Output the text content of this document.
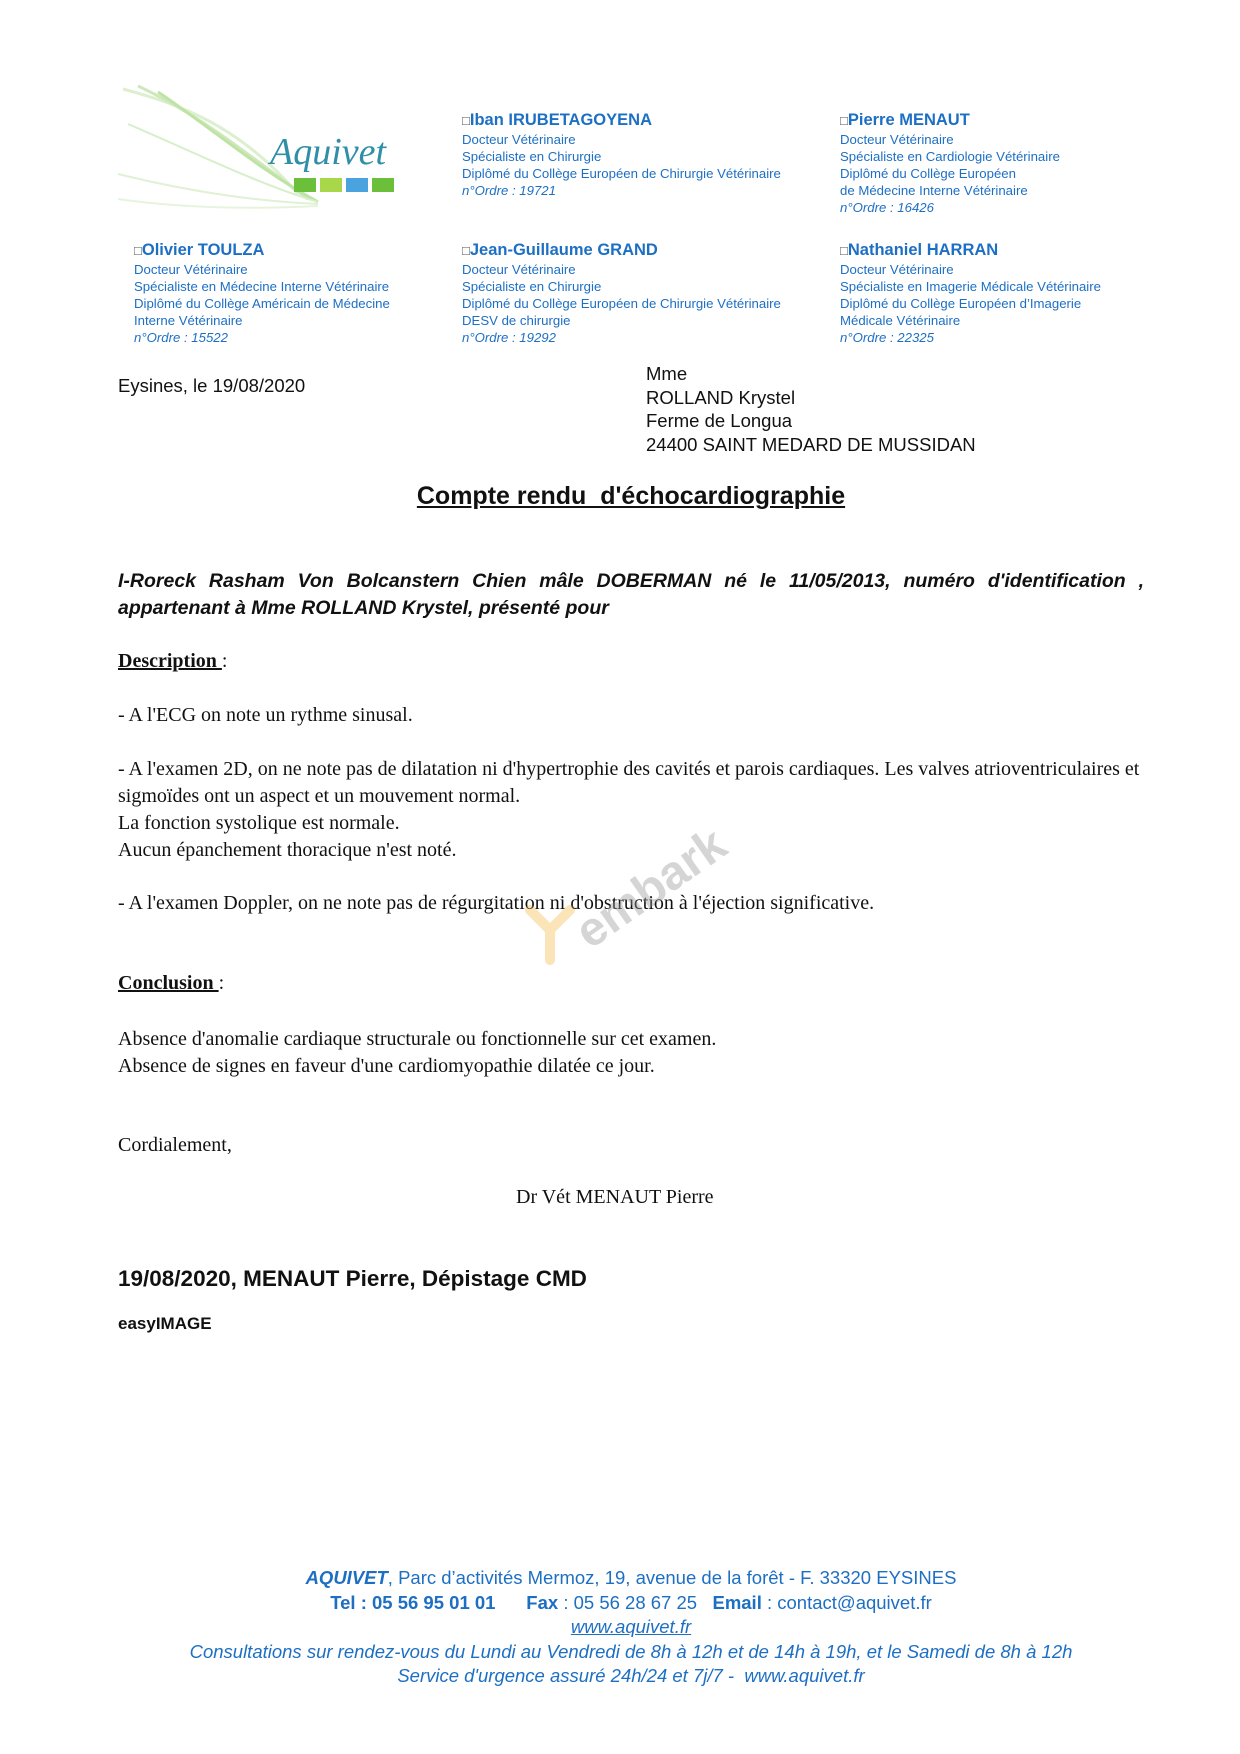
Aquivet
□Iban IRUBETAGOYENA
Docteur Vétérinaire
Spécialiste en Chirurgie
Diplômé du Collège Européen de Chirurgie Vétérinaire
n°Ordre : 19721
□Pierre MENAUT
Docteur Vétérinaire
Spécialiste en Cardiologie Vétérinaire
Diplômé du Collège Européen
de Médecine Interne Vétérinaire
n°Ordre : 16426
□Olivier TOULZA
Docteur Vétérinaire
Spécialiste en Médecine Interne Vétérinaire
Diplômé du Collège Américain de Médecine
Interne Vétérinaire
n°Ordre : 15522
□Jean-Guillaume GRAND
Docteur Vétérinaire
Spécialiste en Chirurgie
Diplômé du Collège Européen de Chirurgie Vétérinaire
DESV de chirurgie
n°Ordre : 19292
□Nathaniel HARRAN
Docteur Vétérinaire
Spécialiste en Imagerie Médicale Vétérinaire
Diplômé du Collège Européen d’Imagerie
Médicale Vétérinaire
n°Ordre : 22325
Eysines, le 19/08/2020
Mme
ROLLAND Krystel
Ferme de Longua
24400 SAINT MEDARD DE MUSSIDAN
Compte rendu  d'échocardiographie
I-Roreck Rasham Von Bolcanstern Chien mâle DOBERMAN né le 11/05/2013, numéro d'identification , appartenant à Mme ROLLAND Krystel, présenté pour
Description :

- A l'ECG on note un rythme sinusal.

- A l'examen 2D, on ne note pas de dilatation ni d'hypertrophie des cavités et parois cardiaques. Les valves atrioventriculaires et sigmoïdes ont un aspect et un mouvement normal.

La fonction systolique est normale.

Aucun épanchement thoracique n'est noté.

- A l'examen Doppler, on ne note pas de régurgitation ni d'obstruction à l'éjection significative.

Conclusion :

Absence d'anomalie cardiaque structurale ou fonctionnelle sur cet examen.

Absence de signes en faveur d'une cardiomyopathie dilatée ce jour.

Cordialement,
Dr Vét MENAUT Pierre
19/08/2020, MENAUT Pierre, Dépistage CMD
easyIMAGE
embark
AQUIVET, Parc d’activités Mermoz, 19, avenue de la forêt - F. 33320 EYSINES
Tel : 05 56 95 01 01 Fax : 05 56 28 67 25 Email : contact@aquivet.fr
www.aquivet.fr
Consultations sur rendez-vous du Lundi au Vendredi de 8h à 12h et de 14h à 19h, et le Samedi de 8h à 12h
Service d'urgence assuré 24h/24 et 7j/7 -  www.aquivet.fr
